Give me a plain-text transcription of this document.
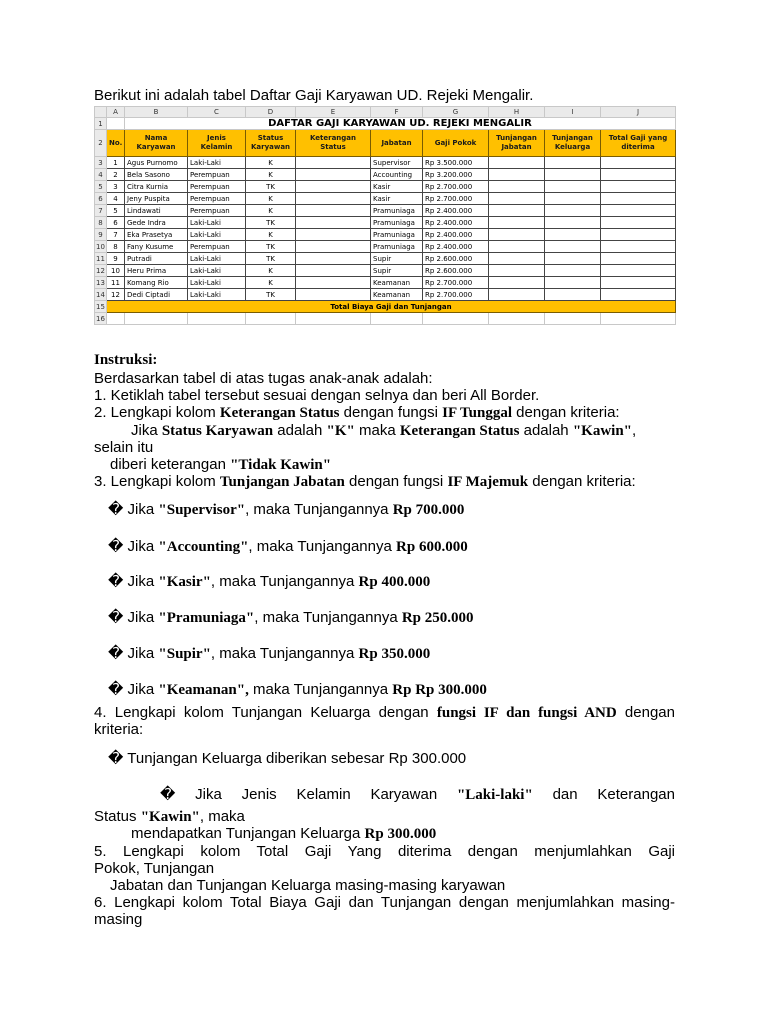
Berikut ini adalah tabel Daftar Gaji Karyawan UD. Rejeki Mengalir.
	A	B	C	D	E	F	G	H	I	J
1		DAFTAR GAJI KARYAWAN UD. REJEKI MENGALIR								
2	No.	Nama Karyawan	Jenis Kelamin	Status Karyawan	Keterangan Status	Jabatan	Gaji Pokok	Tunjangan Jabatan	Tunjangan Keluarga	Total Gaji yang diterima
3	1	Agus Purnomo	Laki-Laki	K		Supervisor	Rp 3.500.000			
4	2	Bela Sasono	Perempuan	K		Accounting	Rp 3.200.000			
5	3	Citra Kurnia	Perempuan	TK		Kasir	Rp 2.700.000			
6	4	Jeny Puspita	Perempuan	K		Kasir	Rp 2.700.000			
7	5	Lindawati	Perempuan	K		Pramuniaga	Rp 2.400.000			
8	6	Gede Indra	Laki-Laki	TK		Pramuniaga	Rp 2.400.000			
9	7	Eka Prasetya	Laki-Laki	K		Pramuniaga	Rp 2.400.000			
10	8	Fany Kusume	Perempuan	TK		Pramuniaga	Rp 2.400.000			
11	9	Putradi	Laki-Laki	TK		Supir	Rp 2.600.000			
12	10	Heru Prima	Laki-Laki	K		Supir	Rp 2.600.000			
13	11	Komang Rio	Laki-Laki	K		Keamanan	Rp 2.700.000			
14	12	Dedi Ciptadi	Laki-Laki	TK		Keamanan	Rp 2.700.000			
15	Total Biaya Gaji dan Tunjangan									
16										
Instruksi:
Berdasarkan tabel di atas tugas anak-anak adalah:
1. Ketiklah tabel tersebut sesuai dengan selnya dan beri All Border.
2. Lengkapi kolom Keterangan Status dengan fungsi IF Tunggal dengan kriteria:
Jika Status Karyawan adalah "K" maka Keterangan Status adalah "Kawin",
selain itu
diberi keterangan "Tidak Kawin"
3. Lengkapi kolom Tunjangan Jabatan dengan fungsi IF Majemuk dengan kriteria:
� Jika "Supervisor", maka Tunjangannya Rp 700.000
� Jika "Accounting", maka Tunjangannya Rp 600.000
� Jika "Kasir", maka Tunjangannya Rp 400.000
� Jika "Pramuniaga", maka Tunjangannya Rp 250.000
� Jika "Supir", maka Tunjangannya Rp 350.000
� Jika "Keamanan", maka Tunjangannya Rp Rp 300.000
4. Lengkapi kolom Tunjangan Keluarga dengan fungsi IF dan fungsi AND dengan
kriteria:
� Tunjangan Keluarga diberikan sebesar Rp 300.000
� Jika Jenis Kelamin Karyawan "Laki-laki" dan Keterangan
Status "Kawin", maka
mendapatkan Tunjangan Keluarga Rp 300.000
5. Lengkapi kolom Total Gaji Yang diterima dengan menjumlahkan Gaji
Pokok, Tunjangan
Jabatan dan Tunjangan Keluarga masing-masing karyawan
6. Lengkapi kolom Total Biaya Gaji dan Tunjangan dengan menjumlahkan masing-
masing
